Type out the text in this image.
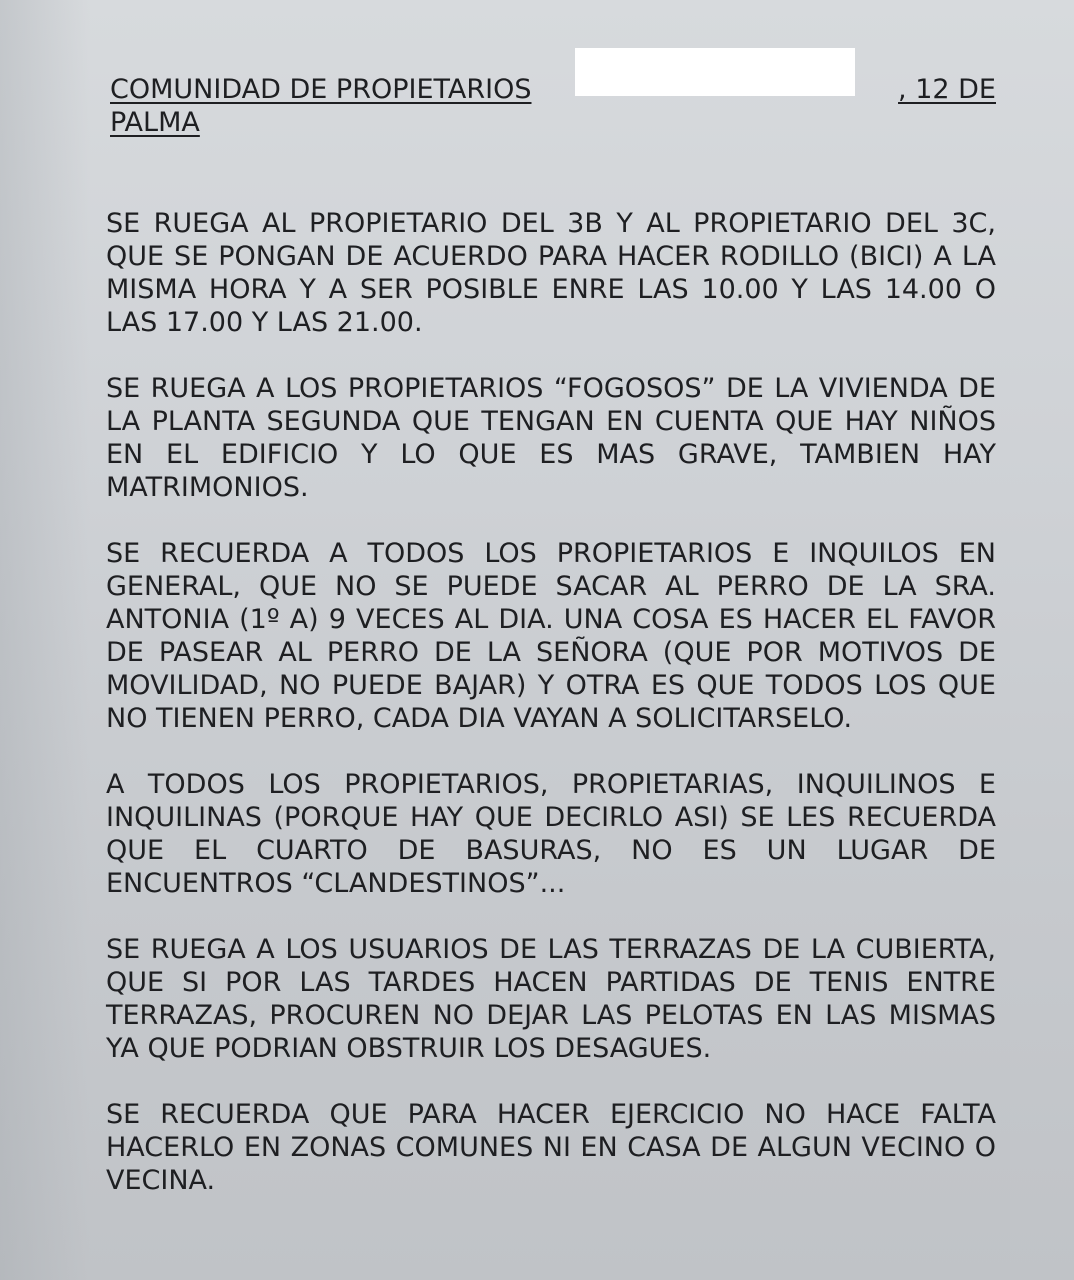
COMUNIDAD DE PROPIETARIOS	, 12 DE
PALMA

SE RUEGA AL PROPIETARIO DEL 3B Y AL PROPIETARIO DEL 3C, QUE SE PONGAN DE ACUERDO PARA HACER RODILLO (BICI) A LA MISMA HORA Y A SER POSIBLE ENRE LAS 10.00 Y LAS 14.00 O LAS 17.00 Y LAS 21.00.

SE RUEGA A LOS PROPIETARIOS “FOGOSOS” DE LA VIVIENDA DE LA PLANTA SEGUNDA QUE TENGAN EN CUENTA QUE HAY NIÑOS EN EL EDIFICIO Y LO QUE ES MAS GRAVE, TAMBIEN HAY MATRIMONIOS.

SE RECUERDA A TODOS LOS PROPIETARIOS E INQUILOS EN GENERAL, QUE NO SE PUEDE SACAR AL PERRO DE LA SRA. ANTONIA (1º A) 9 VECES AL DIA. UNA COSA ES HACER EL FAVOR DE PASEAR AL PERRO DE LA SEÑORA (QUE POR MOTIVOS DE MOVILIDAD, NO PUEDE BAJAR) Y OTRA ES QUE TODOS LOS QUE NO TIENEN PERRO, CADA DIA VAYAN A SOLICITARSELO.

A TODOS LOS PROPIETARIOS, PROPIETARIAS, INQUILINOS E INQUILINAS (PORQUE HAY QUE DECIRLO ASI) SE LES RECUERDA QUE EL CUARTO DE BASURAS, NO ES UN LUGAR DE ENCUENTROS “CLANDESTINOS”...

SE RUEGA A LOS USUARIOS DE LAS TERRAZAS DE LA CUBIERTA, QUE SI POR LAS TARDES HACEN PARTIDAS DE TENIS ENTRE TERRAZAS, PROCUREN NO DEJAR LAS PELOTAS EN LAS MISMAS YA QUE PODRIAN OBSTRUIR LOS DESAGUES.

SE RECUERDA QUE PARA HACER EJERCICIO NO HACE FALTA HACERLO EN ZONAS COMUNES NI EN CASA DE ALGUN VECINO O VECINA.
